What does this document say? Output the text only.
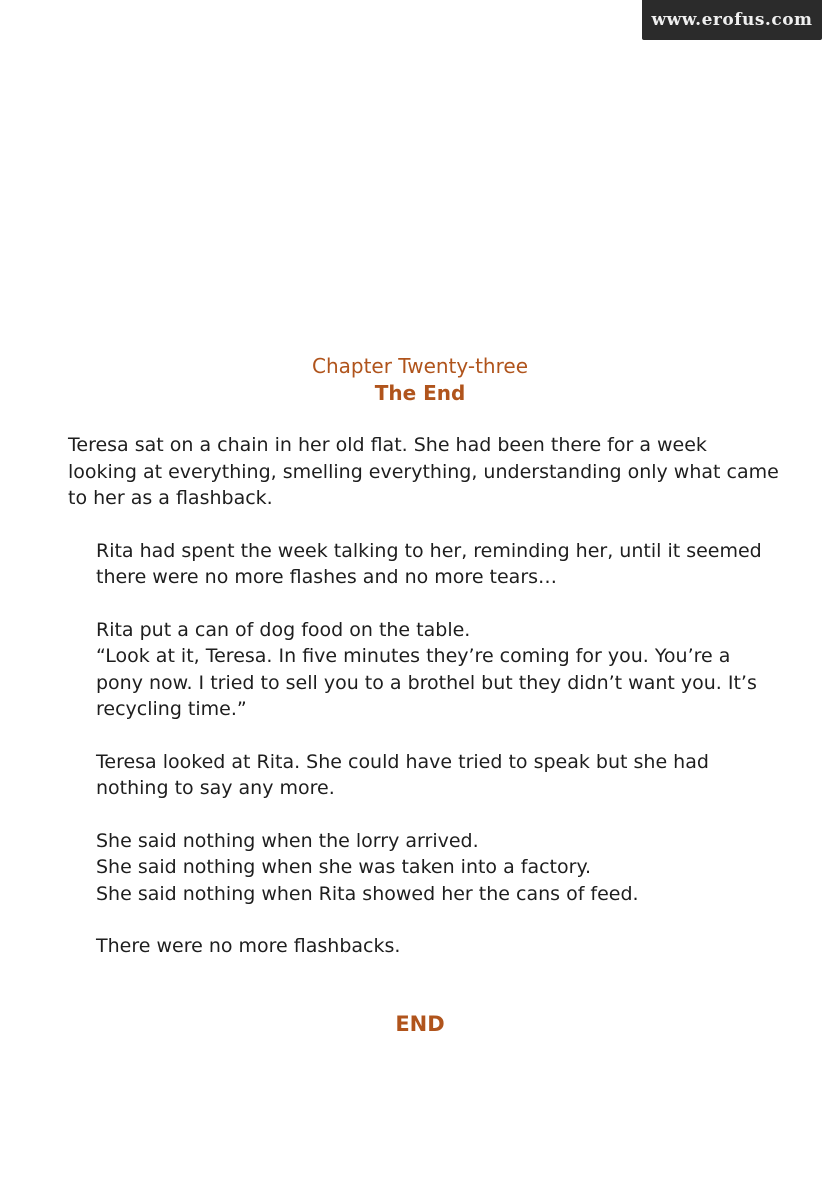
www.erofus.com
Chapter Twenty-three
The End

Teresa sat on a chain in her old flat. She had been there for a week looking at everything, smelling everything, understanding only what came to her as a flashback.

Rita had spent the week talking to her, reminding her, until it seemed there were no more flashes and no more tears…

Rita put a can of dog food on the table.

“Look at it, Teresa. In five minutes they’re coming for you. You’re a pony now. I tried to sell you to a brothel but they didn’t want you. It’s recycling time.”

Teresa looked at Rita. She could have tried to speak but she had nothing to say any more.

She said nothing when the lorry arrived.

She said nothing when she was taken into a factory.

She said nothing when Rita showed her the cans of feed.

There were no more flashbacks.

END
